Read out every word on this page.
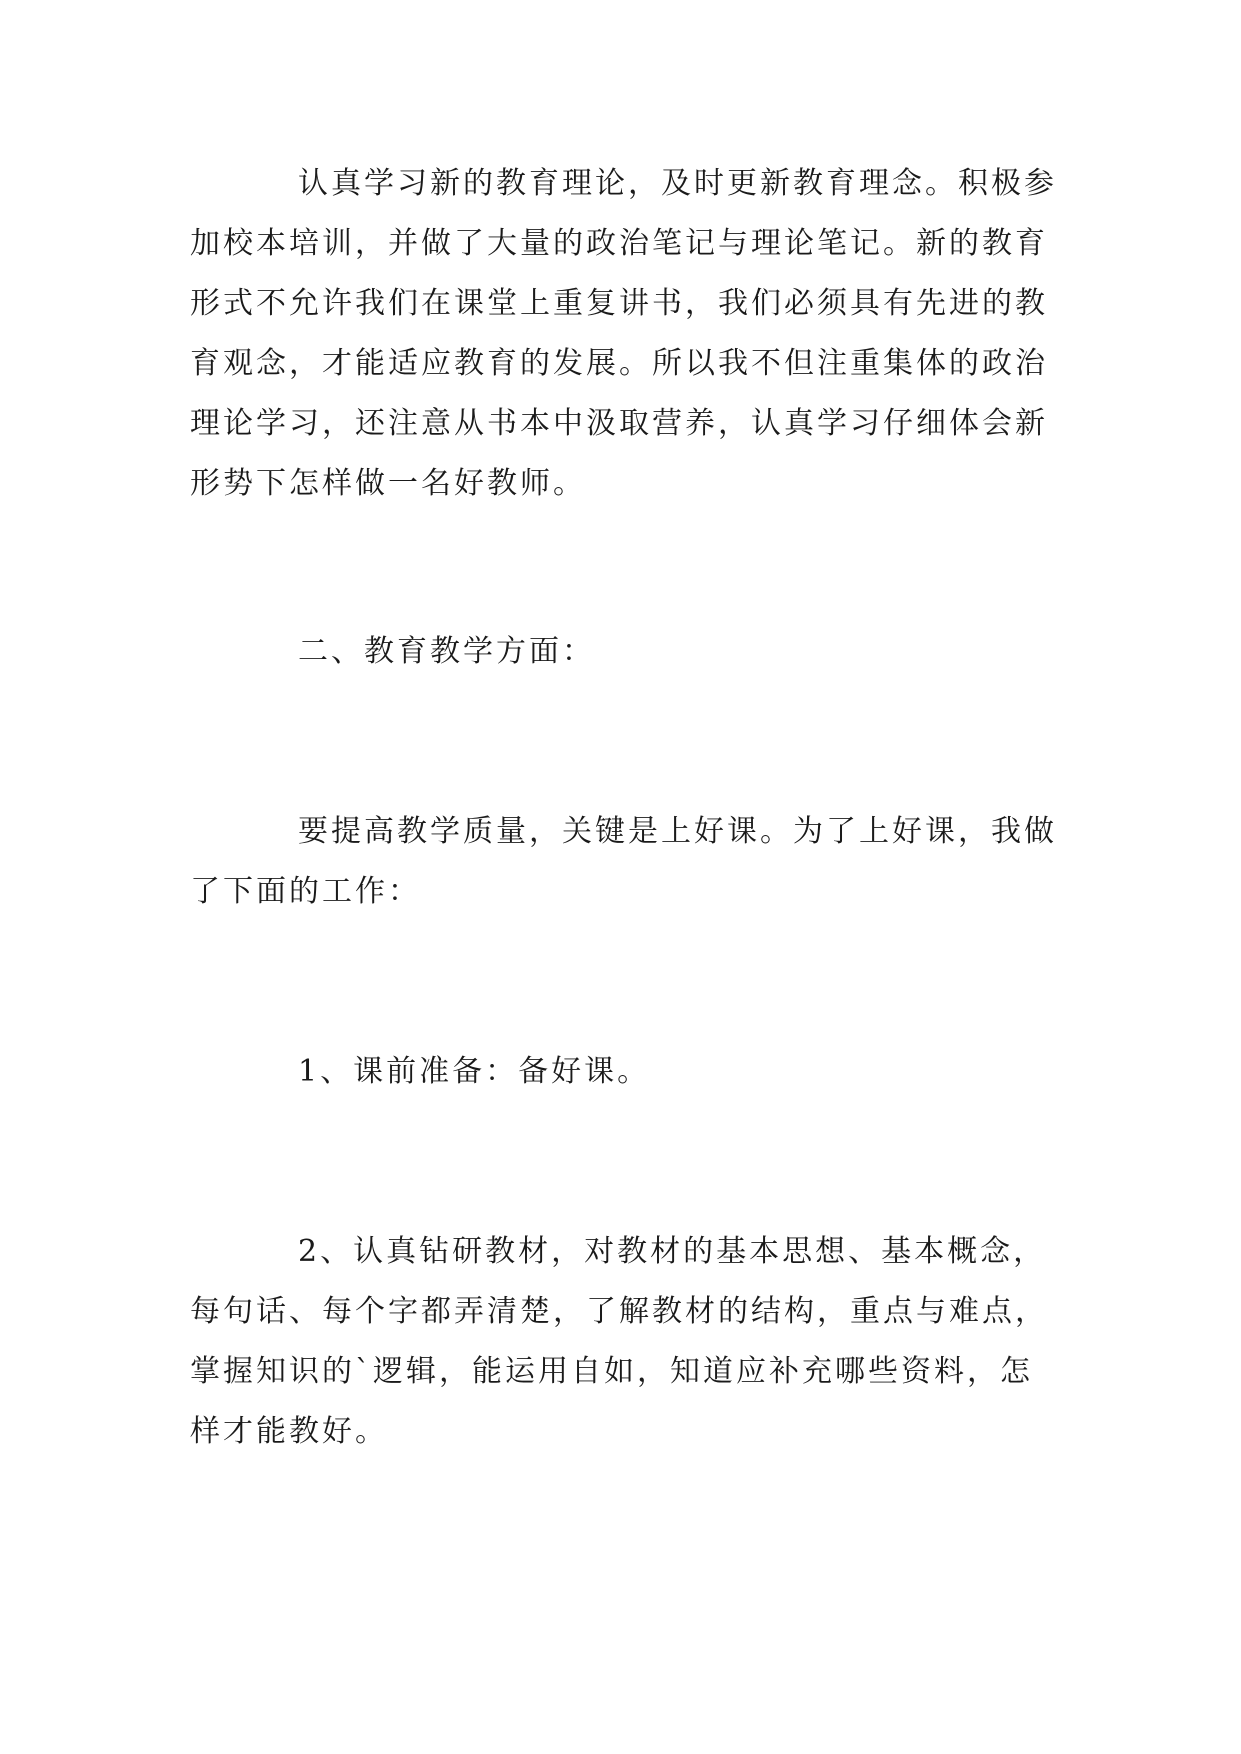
认真学习新的教育理论，及时更新教育理念。积极参
加校本培训，并做了大量的政治笔记与理论笔记。新的教育
形式不允许我们在课堂上重复讲书，我们必须具有先进的教
育观念，才能适应教育的发展。所以我不但注重集体的政治
理论学习，还注意从书本中汲取营养，认真学习仔细体会新
形势下怎样做一名好教师。

二、教育教学方面：

要提高教学质量，关键是上好课。为了上好课，我做
了下面的工作：

1、课前准备：备好课。

2、认真钻研教材，对教材的基本思想、基本概念，
每句话、每个字都弄清楚，了解教材的结构，重点与难点，
掌握知识的`逻辑，能运用自如，知道应补充哪些资料，怎
样才能教好。
